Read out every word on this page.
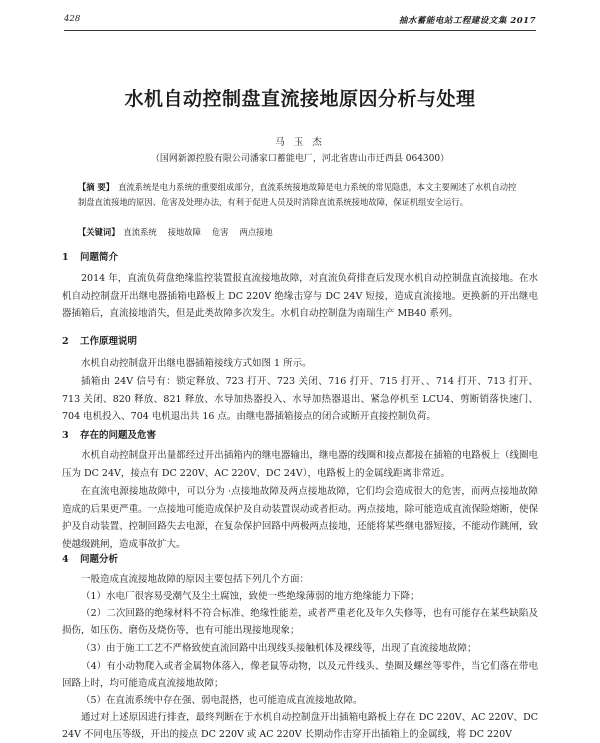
428	抽水蓄能电站工程建设文集 2017
水机自动控制盘直流接地原因分析与处理
马 玉 杰
（国网新源控股有限公司潘家口蓄能电厂，河北省唐山市迁西县 064300）
【摘 要】 直流系统是电力系统的重要组成部分，直流系统接地故障是电力系统的常见隐患，本文主要阐述了水机自动控制盘直流接地的原因、危害及处理办法，有利于促进人员及时消除直流系统接地故障，保证机组安全运行。
【关键词】 直流系统 接地故障 危害 两点接地
1 问题简介
2014 年，直流负荷盘绝缘监控装置报直流接地故障，对直流负荷排查后发现水机自动控制盘直流接地。在水机自动控制盘开出继电器插箱电路板上 DC 220V 绝缘击穿与 DC 24V 短接，造成直流接地。更换新的开出继电器插箱后，直流接地消失，但是此类故障多次发生。水机自动控制盘为南瑞生产 MB40 系列。
2 工作原理说明
水机自动控制盘开出继电器插箱接线方式如图 1 所示。
插箱由 24V 信号有：锁定释放、723 打开、723 关闭、716 打开、715 打开、、714 打开、713 打开、713 关闭、820 释放、821 释放、水导加热器投入、水导加热器退出、紧急停机至 LCU4、剪断销落快速门、704 电机投入、704 电机退出共 16 点。由继电器插箱接点的闭合或断开直接控制负荷。
3 存在的问题及危害
水机自动控制盘开出量都经过开出插箱内的继电器输出，继电器的线圈和接点都接在插箱的电路板上（线圈电压为 DC 24V，接点有 DC 220V、AC 220V、DC 24V），电路板上的金属线距离非常近。
在直流电源接地故障中，可以分为 ·点接地故障及两点接地故障，它们均会造成很大的危害，而两点接地故障造成的后果更严重。一点接地可能造成保护及自动装置误动或者拒动。两点接地，除可能造成直流保险熔断，使保护及自动装置、控制回路失去电源，在复杂保护回路中两极两点接地，还能将某些继电器短接，不能动作跳闸，致使越级跳闸，造成事故扩大。
4 问题分析
一般造成直流接地故障的原因主要包括下列几个方面：
（1）水电厂很容易受潮气及尘土腐蚀，致使一些绝缘薄弱的地方绝缘能力下降；
（2）二次回路的绝缘材料不符合标准、绝缘性能差，或者严重老化及年久失修等，也有可能存在某些缺陷及损伤，如压伤、磨伤及烧伤等，也有可能出现接地现象；
（3）由于施工工艺不严格致使直流回路中出现线头接触机体及裸线等，出现了直流接地故障；
（4）有小动物爬入或者金属物体落入，像老鼠等动物，以及元件线头、垫圈及螺丝等零件，当它们落在带电回路上时，均可能造成直流接地故障；
（5）在直流系统中存在强、弱电混搭，也可能造成直流接地故障。
通过对上述原因进行排查，最终判断在于水机自动控制盘开出插箱电路板上存在 DC 220V、AC 220V、DC 24V 不同电压等级，开出的接点 DC 220V 或 AC 220V 长期动作击穿开出插箱上的金属线，将 DC 220V
